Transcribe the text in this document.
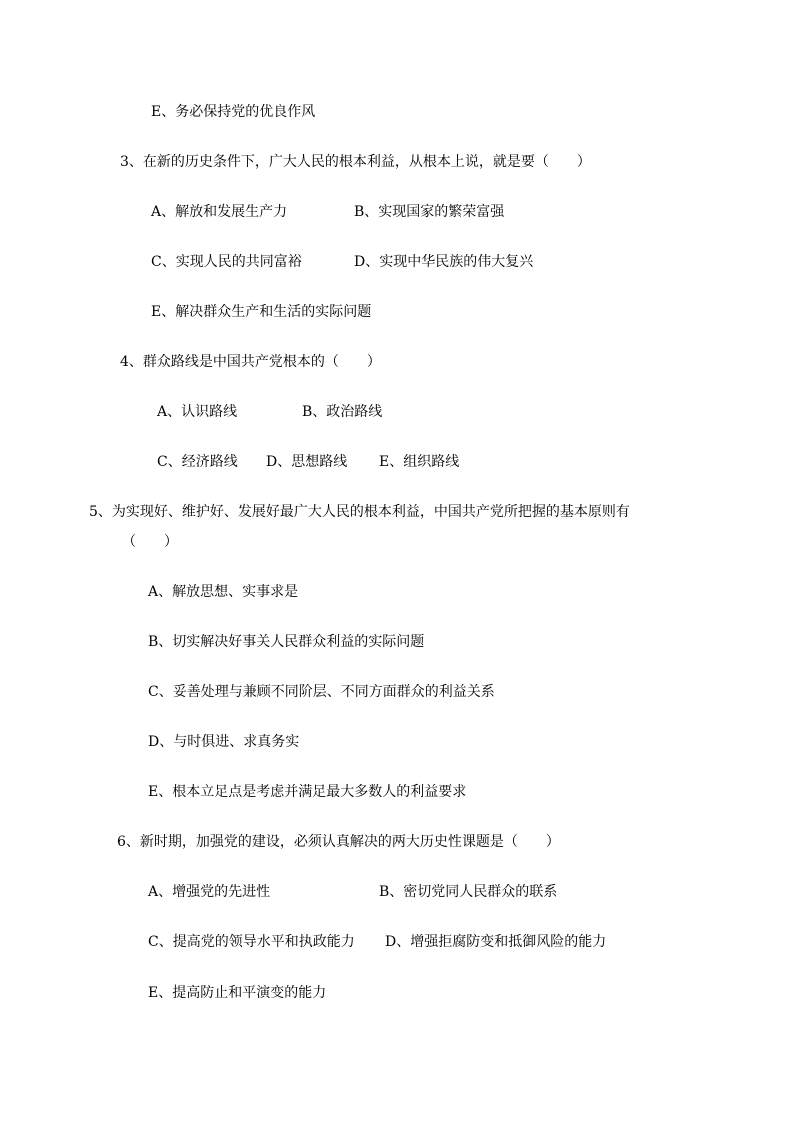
E、务必保持党的优良作风
3、在新的历史条件下，广大人民的根本利益，从根本上说，就是要（　　）
A、解放和发展生产力	B、实现国家的繁荣富强
C、实现人民的共同富裕	D、实现中华民族的伟大复兴
E、解决群众生产和生活的实际问题
4、群众路线是中国共产党根本的（　　）
A、认识路线	B、政治路线
C、经济路线 D、思想路线 E、组织路线
5、为实现好、维护好、发展好最广大人民的根本利益，中国共产党所把握的基本原则有
（　　）
A、解放思想、实事求是
B、切实解决好事关人民群众利益的实际问题
C、妥善处理与兼顾不同阶层、不同方面群众的利益关系
D、与时俱进、求真务实
E、根本立足点是考虑并满足最大多数人的利益要求
6、新时期，加强党的建设，必须认真解决的两大历史性课题是（　　）
A、增强党的先进性	B、密切党同人民群众的联系
C、提高党的领导水平和执政能力 D、增强拒腐防变和抵御风险的能力
E、提高防止和平演变的能力
